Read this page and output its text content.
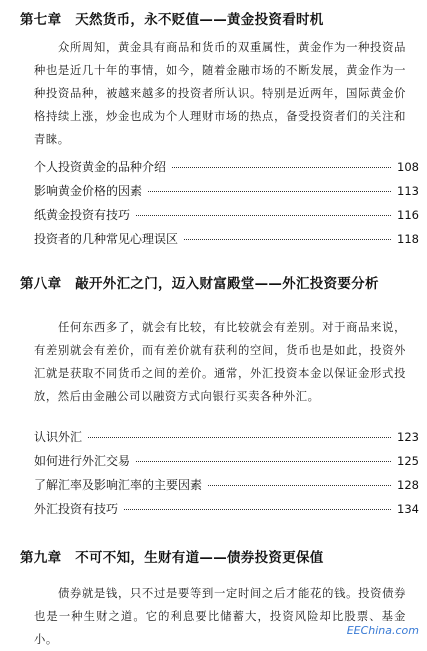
第七章　天然货币，永不贬值——黄金投资看时机

众所周知，黄金具有商品和货币的双重属性，黄金作为一种投资品种也是近几十年的事情，如今，随着金融市场的不断发展，黄金作为一种投资品种，被越来越多的投资者所认识。特别是近两年，国际黄金价格持续上涨，炒金也成为个人理财市场的热点，备受投资者们的关注和青睐。

个人投资黄金的品种介绍	108
影响黄金价格的因素	113
纸黄金投资有技巧	116
投资者的几种常见心理误区	118
第八章　敲开外汇之门，迈入财富殿堂——外汇投资要分析

任何东西多了，就会有比较，有比较就会有差别。对于商品来说，有差别就会有差价，而有差价就有获利的空间，货币也是如此，投资外汇就是获取不同货币之间的差价。通常，外汇投资本金以保证金形式投放，然后由金融公司以融资方式向银行买卖各种外汇。

认识外汇	123
如何进行外汇交易	125
了解汇率及影响汇率的主要因素	128
外汇投资有技巧	134
第九章　不可不知，生财有道——债券投资更保值

债券就是钱，只不过是要等到一定时间之后才能花的钱。投资债券也是一种生财之道。它的利息要比储蓄大，投资风险却比股票、基金小。

EEChina.com
